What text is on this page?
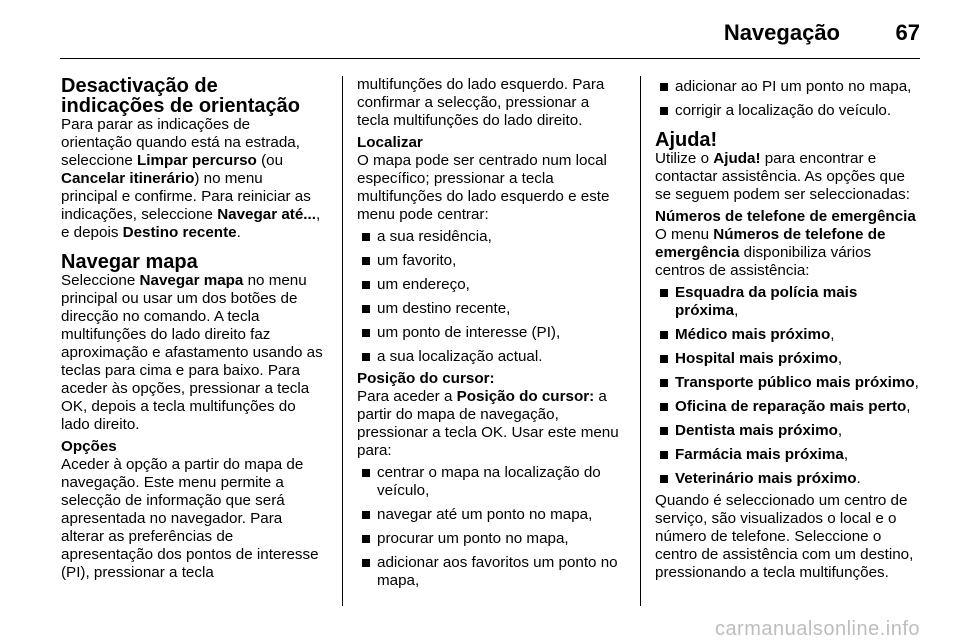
Navegação	67
Desactivação de indicações de orientação

Para parar as indicações de orientação quando está na estrada, seleccione Limpar percurso (ou Cancelar itinerário) no menu principal e confirme. Para reiniciar as indicações, seleccione Navegar até..., e depois Destino recente.

Navegar mapa

Seleccione Navegar mapa no menu principal ou usar um dos botões de direcção no comando. A tecla multifunções do lado direito faz aproximação e afastamento usando as teclas para cima e para baixo. Para aceder às opções, pressionar a tecla OK, depois a tecla multifunções do lado direito.

Opções

Aceder à opção a partir do mapa de navegação. Este menu permite a selecção de informação que será apresentada no navegador. Para alterar as preferências de apresentação dos pontos de interesse (PI), pressionar a tecla

multifunções do lado esquerdo. Para confirmar a selecção, pressionar a tecla multifunções do lado direito.

Localizar

O mapa pode ser centrado num local específico; pressionar a tecla multifunções do lado esquerdo e este menu pode centrar:

a sua residência,
um favorito,
um endereço,
um destino recente,
um ponto de interesse (PI),
a sua localização actual.
Posição do cursor:

Para aceder a Posição do cursor: a partir do mapa de navegação, pressionar a tecla OK. Usar este menu para:

centrar o mapa na localização do veículo,
navegar até um ponto no mapa,
procurar um ponto no mapa,
adicionar aos favoritos um ponto no mapa,
adicionar ao PI um ponto no mapa,
corrigir a localização do veículo.
Ajuda!

Utilize o Ajuda! para encontrar e contactar assistência. As opções que se seguem podem ser seleccionadas:

Números de telefone de emergência

O menu Números de telefone de emergência disponibiliza vários centros de assistência:

Esquadra da polícia mais próxima,
Médico mais próximo,
Hospital mais próximo,
Transporte público mais próximo,
Oficina de reparação mais perto,
Dentista mais próximo,
Farmácia mais próxima,
Veterinário mais próximo.

Quando é seleccionado um centro de serviço, são visualizados o local e o número de telefone. Seleccione o centro de assistência com um destino, pressionando a tecla multifunções.

carmanualsonline.info
